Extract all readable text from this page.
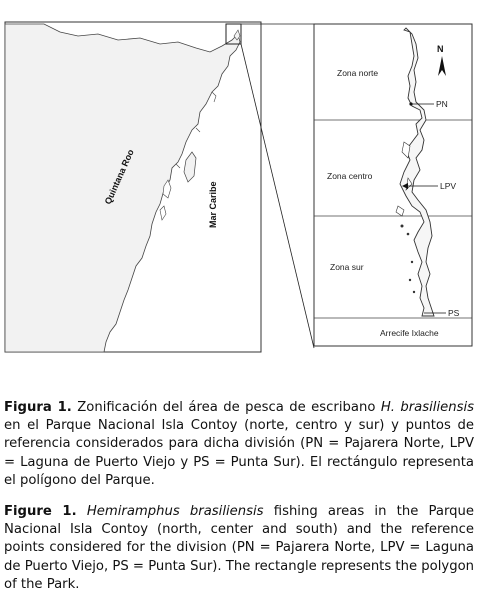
Quintana Roo	Mar Caribe
N
Zona norte
Zona centro
Zona sur
PN
LPV
PS
Arrecife Ixlache

Figura 1. Zonificación del área de pesca de escribano H. brasiliensis en el Parque Nacional Isla Contoy (norte, centro y sur) y puntos de referencia considerados para dicha división (PN = Pajarera Norte, LPV = Laguna de Puerto Viejo y PS = Punta Sur). El rectángulo representa el polígono del Parque.

Figure 1. Hemiramphus brasiliensis fishing areas in the Parque Nacional Isla Contoy (north, center and south) and the reference points considered for the division (PN = Pajarera Norte, LPV = Laguna de Puerto Viejo, PS = Punta Sur). The rectangle represents the polygon of the Park.
